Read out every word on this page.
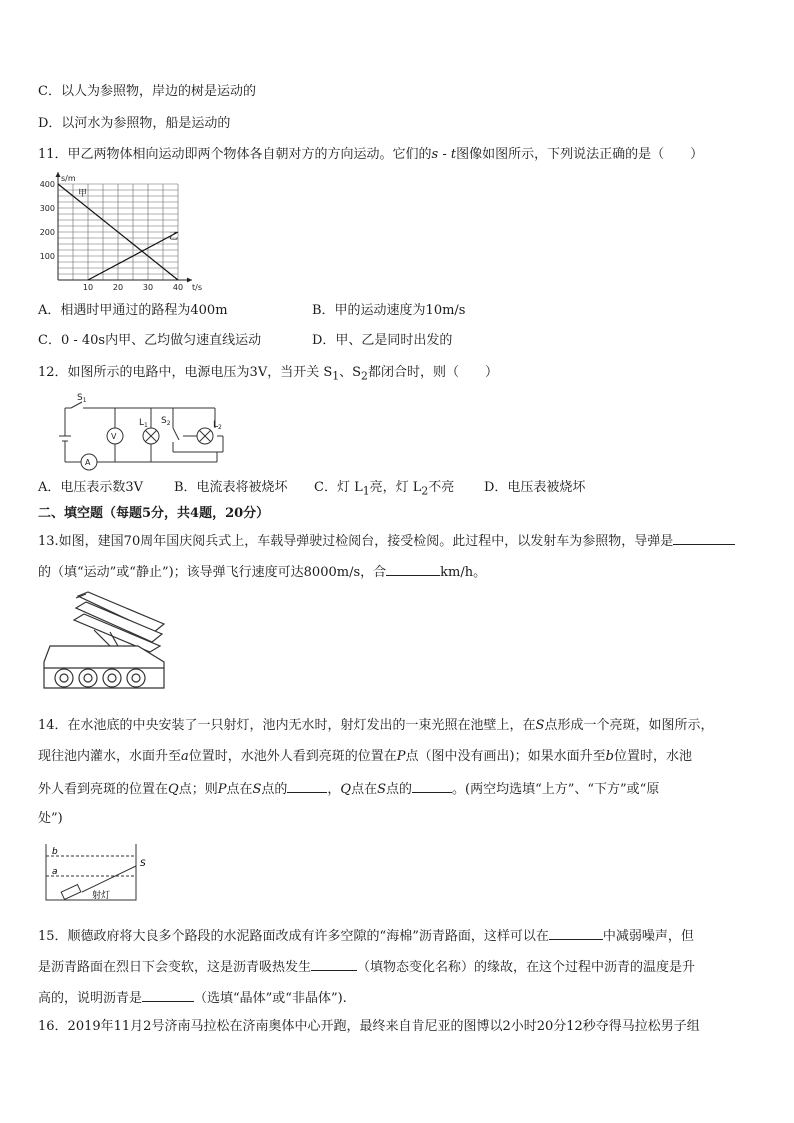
C．以人为参照物，岸边的树是运动的
D．以河水为参照物，船是运动的
11．甲乙两物体相向运动即两个物体各自朝对方的方向运动。它们的s - t图像如图所示，下列说法正确的是（　　）
10 20 30 40
100
200
300
400
s/m
t/s
甲
乙
A．相遇时甲通过的路程为400m	B．甲的运动速度为10m/s
C．0 - 40s内甲、乙均做匀速直线运动	D．甲、乙是同时出发的
12．如图所示的电路中，电源电压为3V，当开关 $S_1$、$S_2$都闭合时，则（　　）
$S_1$
V
A
$L_1$ $S_2$	$L_2$
A．电压表示数3V B．电流表将被烧坏 C．灯 $L_1$亮，灯 $L_2$不亮 D．电压表被烧坏
二、填空题（每题5分，共4题，20分）
13.如图，建国70周年国庆阅兵式上，车载导弹驶过检阅台，接受检阅。此过程中，以发射车为参照物，导弹是
的（填“运动”或“静止”)；该导弹飞行速度可达8000m/s，合	km/h。
14．在水池底的中央安装了一只射灯，池内无水时，射灯发出的一束光照在池壁上，在S点形成一个亮斑，如图所示，
现往池内灌水，水面升至a位置时，水池外人看到亮斑的位置在P点（图中没有画出)；如果水面升至b位置时，水池
外人看到亮斑的位置在Q点；则P点在S点的	，Q点在S点的	。(两空均选填“上方”、“下方”或“原
处”)
b
a
S
射灯
15．顺德政府将大良多个路段的水泥路面改成有许多空隙的“海棉”沥青路面，这样可以在	中减弱噪声，但
是沥青路面在烈日下会变软，这是沥青吸热发生	（填物态变化名称）的缘故，在这个过程中沥青的温度是升
高的，说明沥青是	（选填“晶体”或“非晶体”).
16．2019年11月2号济南马拉松在济南奥体中心开跑，最终来自肯尼亚的图博以2小时20分12秒夺得马拉松男子组
